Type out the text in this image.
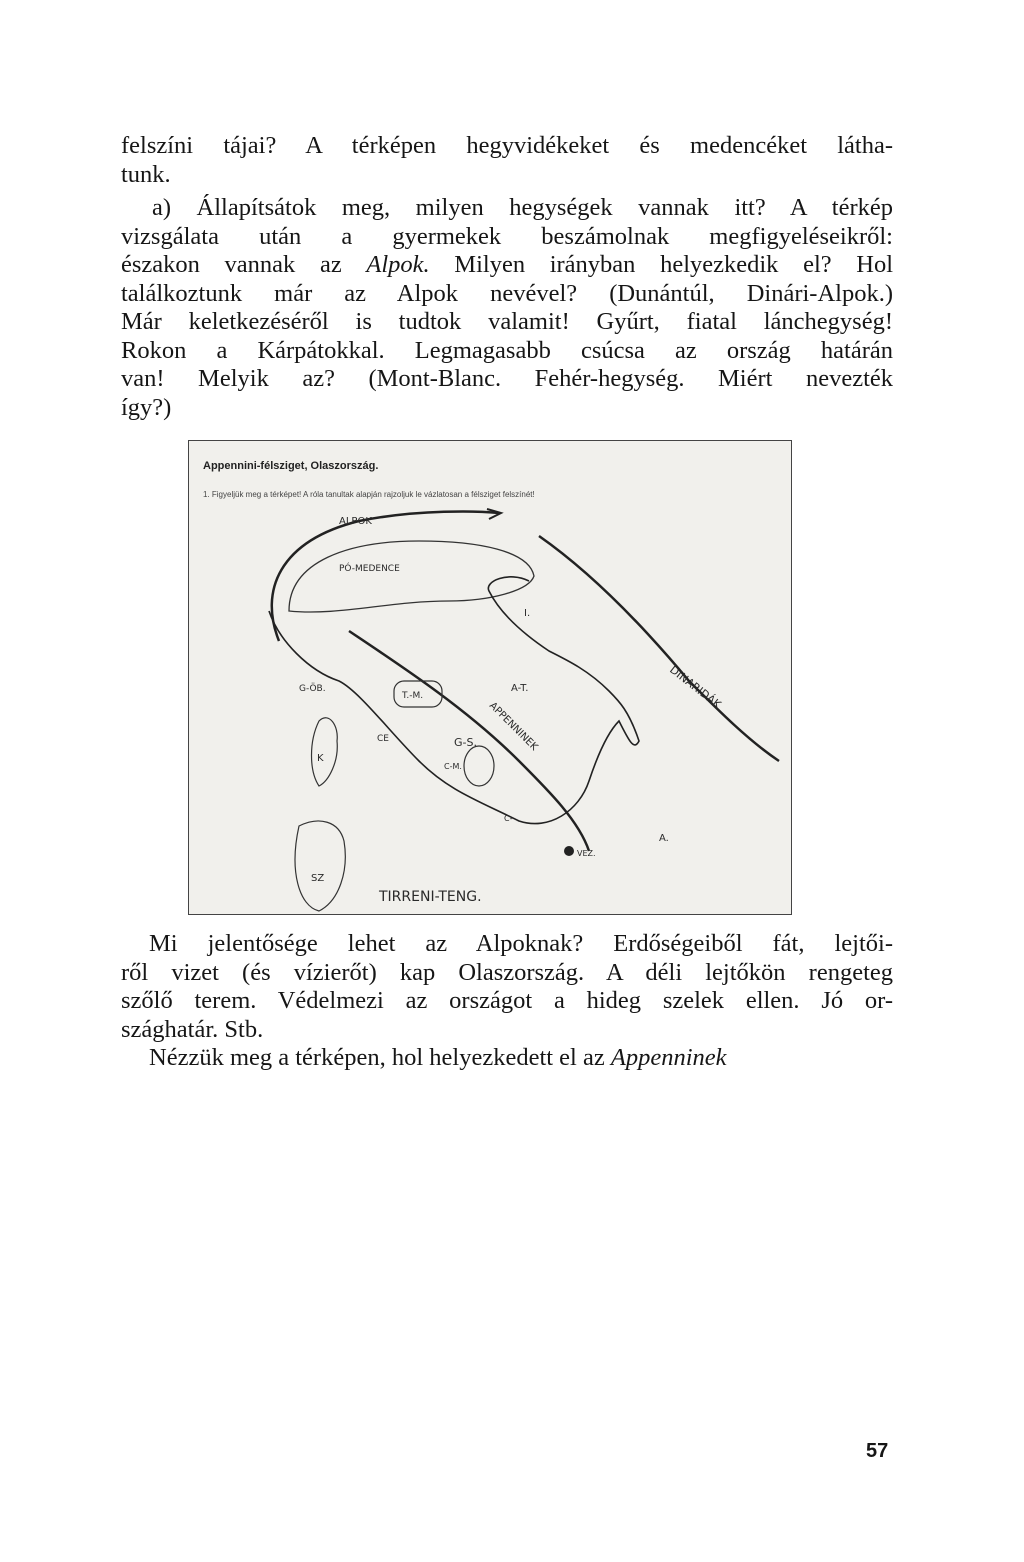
felszíni tájai? A térképen hegyvidékeket és medencéket látha-
tunk.
a) Állapítsátok meg, milyen hegységek vannak itt? A térkép
vizsgálata után a gyermekek beszámolnak megfigyeléseikről:
északon vannak az Alpok. Milyen irányban helyezkedik el? Hol
találkoztunk már az Alpok nevével? (Dunántúl, Dinári-Alpok.)
Már keletkezéséről is tudtok valamit! Gyűrt, fiatal lánchegység!
Rokon a Kárpátokkal. Legmagasabb csúcsa az ország határán
van! Melyik az? (Mont-Blanc. Fehér-hegység. Miért nevezték
így?)
Appennini-félsziget, Olaszország.
1. Figyeljük meg a térképet! A róla tanultak alapján rajzoljuk le vázlatosan a félsziget felszínét!
ALPOK
PÓ-MEDENCE
APPENNINEK
DINARIDÁK
A-T.
I.
T.-M.
G-S.
G-ÖB.
C-M.
C-
A.
VEZ.
K
SZ
CE
TIRRENI-TENG.
Mi jelentősége lehet az Alpoknak? Erdőségeiből fát, lejtői-
ről vizet (és vízierőt) kap Olaszország. A déli lejtőkön rengeteg
szőlő terem. Védelmezi az országot a hideg szelek ellen. Jó or-
szághatár. Stb.
Nézzük meg a térképen, hol helyezkedett el az Appenninek
57
